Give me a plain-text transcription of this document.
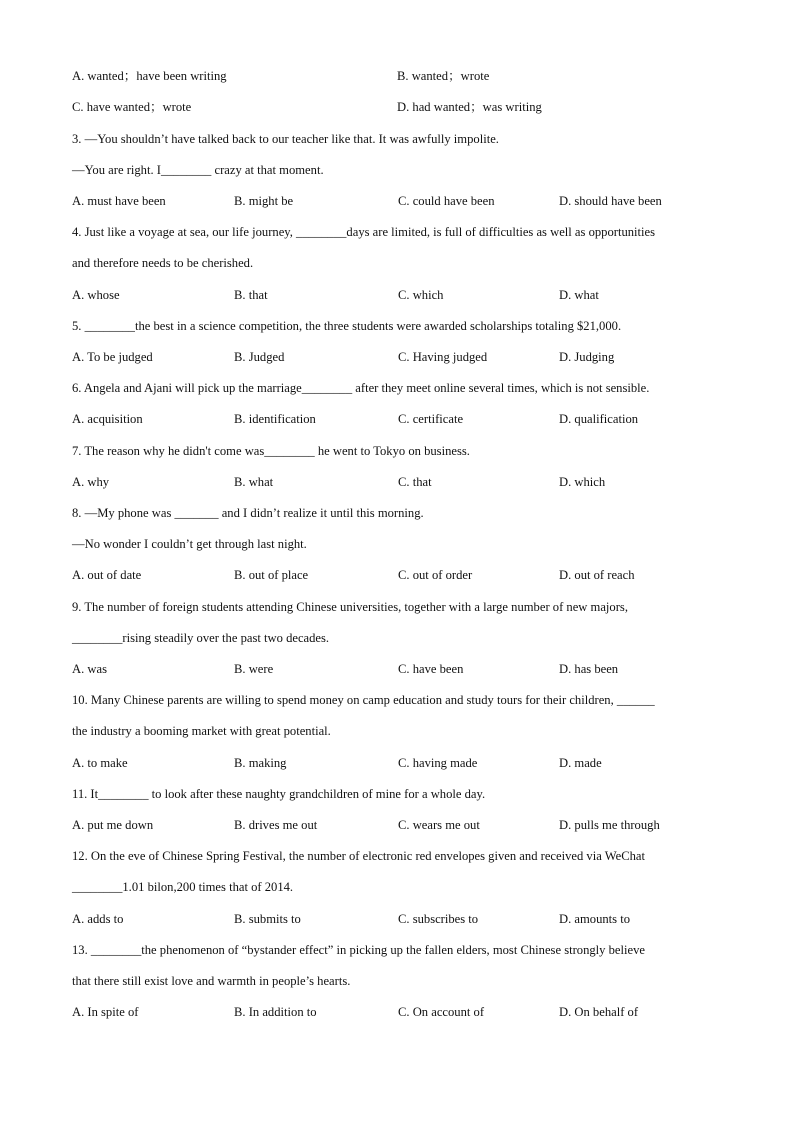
A. wanted；have been writing	B. wanted；wrote
C. have wanted；wrote	D. had wanted；was writing
3. —You shouldn’t have talked back to our teacher like that. It was awfully impolite.
—You are right. I________ crazy at that moment.
A. must have been	B. might be	C. could have been	D. should have been
4. Just like a voyage at sea, our life journey, ________days are limited, is full of difficulties as well as opportunities
and therefore needs to be cherished.
A. whose	B. that	C. which	D. what
5. ________the best in a science competition, the three students were awarded scholarships totaling $21,000.
A. To be judged	B. Judged	C. Having judged	D. Judging
6. Angela and Ajani will pick up the marriage________ after they meet online several times, which is not sensible.
A. acquisition	B. identification	C. certificate	D. qualification
7. The reason why he didn't come was________ he went to Tokyo on business.
A. why	B. what	C. that	D. which
8. —My phone was _______ and I didn’t realize it until this morning.
—No wonder I couldn’t get through last night.
A. out of date	B. out of place	C. out of order	D. out of reach
9. The number of foreign students attending Chinese universities, together with a large number of new majors,
________rising steadily over the past two decades.
A. was	B. were	C. have been	D. has been
10. Many Chinese parents are willing to spend money on camp education and study tours for their children, ______
the industry a booming market with great potential.
A. to make	B. making	C. having made	D. made
11. It________ to look after these naughty grandchildren of mine for a whole day.
A. put me down	B. drives me out	C. wears me out	D. pulls me through
12. On the eve of Chinese Spring Festival, the number of electronic red envelopes given and received via WeChat
________1.01 bilon,200 times that of 2014.
A. adds to	B. submits to	C. subscribes to	D. amounts to
13. ________the phenomenon of “bystander effect” in picking up the fallen elders, most Chinese strongly believe
that there still exist love and warmth in people’s hearts.
A. In spite of	B. In addition to	C. On account of	D. On behalf of
